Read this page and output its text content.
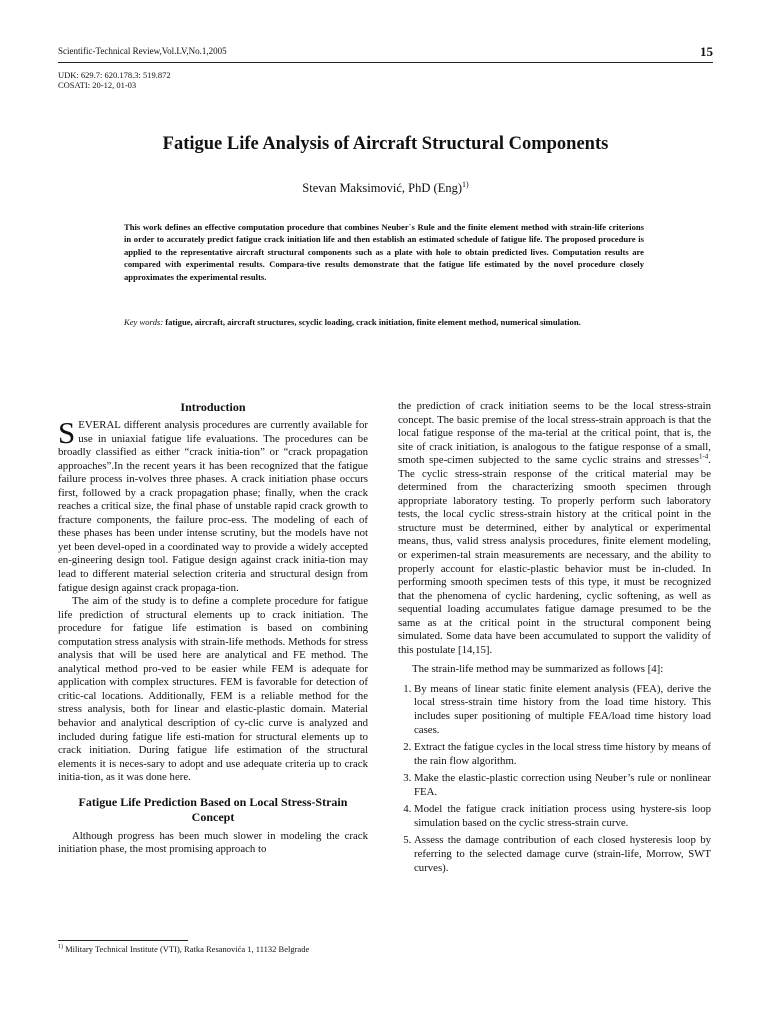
Scientific-Technical Review,Vol.LV,No.1,2005	15
UDK: 629.7: 620.178.3: 519.872
COSATI: 20-12, 01-03
Fatigue Life Analysis of Aircraft Structural Components
Stevan Maksimović, PhD (Eng)$^{1)}$
This work defines an effective computation procedure that combines Neuber`s Rule and the finite element method with strain-life criterions in order to accurately predict fatigue crack initiation life and then establish an estimated schedule of fatigue life. The proposed procedure is applied to the representative aircraft structural components such as a plate with hole to obtain predicted lives. Computation results are compared with experimental results. Compara-tive results demonstrate that the fatigue life estimated by the novel procedure closely approximates the experimental results.
Key words: fatigue, aircraft, aircraft structures, scyclic loading, crack initiation, finite element method, numerical simulation.
Introduction

SEVERAL different analysis procedures are currently available for use in uniaxial fatigue life evaluations. The procedures can be broadly classified as either “crack initia-tion” or “crack propagation approaches”.In the recent years it has been recognized that the fatigue failure process in-volves three phases. A crack initiation phase occurs first, followed by a crack propagation phase; finally, when the crack reaches a critical size, the final phase of unstable rapid crack growth to fracture components, the failure proc-ess. The modeling of each of these phases has been under intense scrutiny, but the models have not yet been devel-oped in a coordinated way to provide a widely accepted en-gineering design tool. Fatigue design against crack initia-tion may lead to different material selection criteria and structural design from fatigue design against crack propaga-tion.

The aim of the study is to define a complete procedure for fatigue life prediction of structural elements up to crack initiation. The procedure for fatigue life estimation is based on combining computation stress analysis with strain-life methods. Methods for stress analysis that will be used here are analytical and FE method. The analytical method pro-ved to be easier while FEM is adequate for application with complex structures. FEM is favorable for detection of critic-cal locations. Additionally, FEM is a reliable method for the stress analysis, both for linear and elastic-plastic domain. Material behavior and analytical description of cy-clic curve is analyzed and included during fatigue life esti-mation for structural elements up to crack initiation. During fatigue life estimation of the structural elements it is neces-sary to adopt and use adequate criteria up to crack initia-tion, as it was done here.

Fatigue Life Prediction Based on Local Stress-Strain Concept

Although progress has been much slower in modeling the crack initiation phase, the most promising approach to

the prediction of crack initiation seems to be the local stress-strain concept. The basic premise of the local stress-strain approach is that the local fatigue response of the ma-terial at the critical point, that is, the site of crack initiation, is analogous to the fatigue response of a small, smoth spe-cimen subjected to the same cyclic strains and stresses$^{1-4}$. The cyclic stress-strain response of the critical material may be determined from the characterizing smooth specimen through appropriate laboratory testing. To properly perform such laboratory tests, the local cyclic stress-strain history at the critical point in the structure must be determined, either by analytical or experimental means, thus, valid stress analysis procedures, finite element modeling, or experimen-tal strain measurements are necessary, and the ability to properly account for elastic-plastic behavior must be in-cluded. In performing smooth specimen tests of this type, it must be recognized that the phenomena of cyclic hardening, cyclic softening, as well as sequential loading accumulates fatigue damage presumed to be the same as at the critical point in the structural component being simulated. Some data have been accumulated to support the validity of this postulate [14,15].

The strain-life method may be summarized as follows [4]:

1. By means of linear static finite element analysis (FEA), derive the local stress-strain time history from the load time history. This includes super positioning of multiple FEA/load time history load cases.
2. Extract the fatigue cycles in the local stress time history by means of the rain flow algorithm.
3. Make the elastic-plastic correction using Neuber’s rule or nonlinear FEA.
4. Model the fatigue crack initiation process using hystere-sis loop simulation based on the cyclic stress-strain curve.
5. Assess the damage contribution of each closed hysteresis loop by referring to the selected damage curve (strain-life, Morrow, SWT curves).
$^{1)}$ Military Technical Institute (VTI), Ratka Resanovića 1, 11132 Belgrade
